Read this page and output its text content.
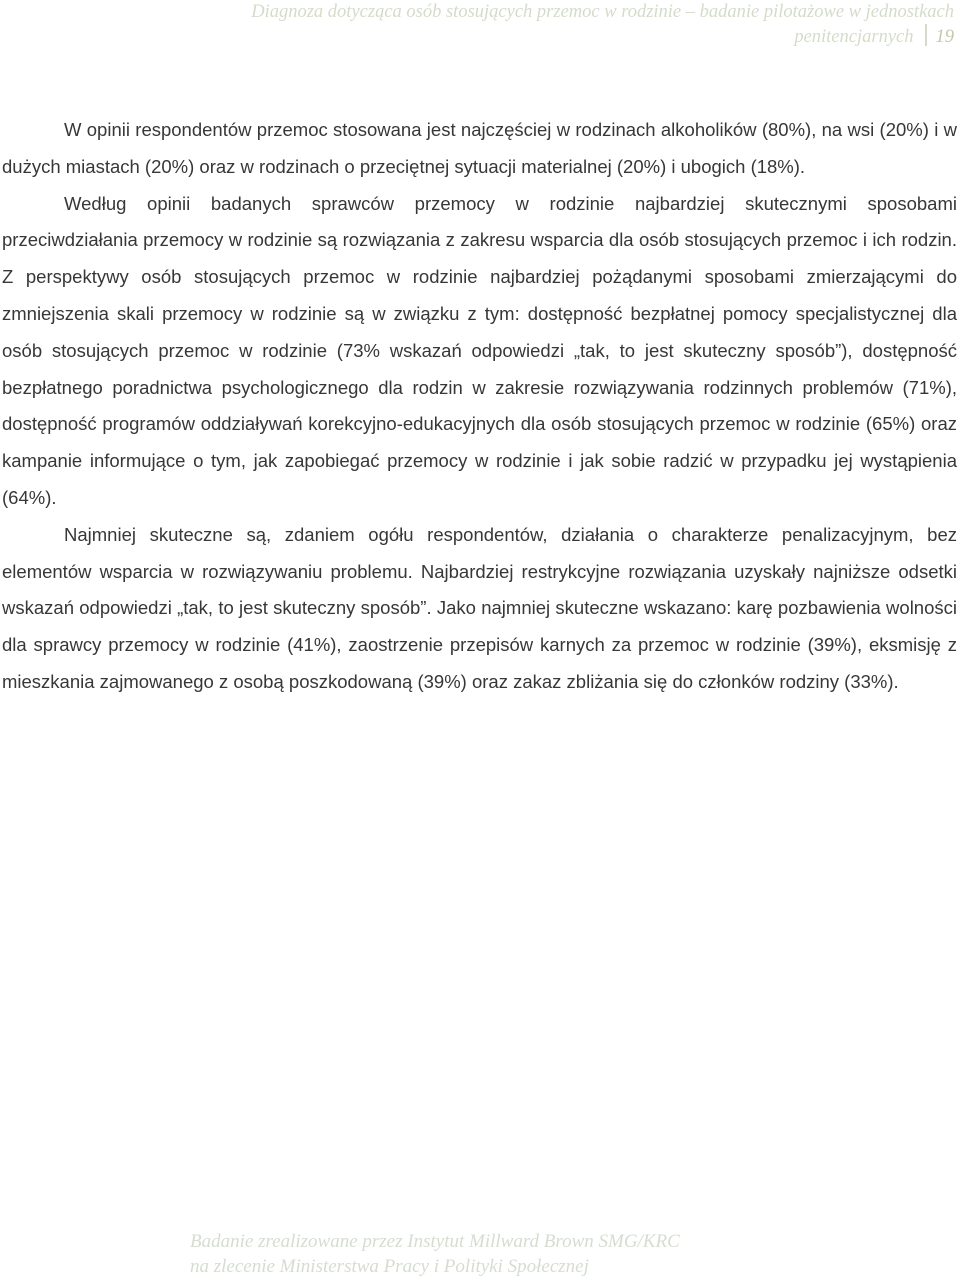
Diagnoza dotycząca osób stosujących przemoc w rodzinie – badanie pilotażowe w jednostkach
penitencjarnych 19

W opinii respondentów przemoc stosowana jest najczęściej w rodzinach alkoholików (80%), na wsi (20%) i w dużych miastach (20%) oraz w rodzinach o przeciętnej sytuacji materialnej (20%) i ubogich (18%).

Według opinii badanych sprawców przemocy w rodzinie najbardziej skutecznymi sposobami przeciwdziałania przemocy w rodzinie są rozwiązania z zakresu wsparcia dla osób stosujących przemoc i ich rodzin. Z perspektywy osób stosujących przemoc w rodzinie najbardziej pożądanymi sposobami zmierzającymi do zmniejszenia skali przemocy w rodzinie są w związku z tym: dostępność bezpłatnej pomocy specjalistycznej dla osób stosujących przemoc w rodzinie (73% wskazań odpowiedzi „tak, to jest skuteczny sposób”), dostępność bezpłatnego poradnictwa psychologicznego dla rodzin w zakresie rozwiązywania rodzinnych problemów (71%), dostępność programów oddziaływań korekcyjno-edukacyjnych dla osób stosujących przemoc w rodzinie (65%) oraz kampanie informujące o tym, jak zapobiegać przemocy w rodzinie i jak sobie radzić w przypadku jej wystąpienia (64%).

Najmniej skuteczne są, zdaniem ogółu respondentów, działania o charakterze penalizacyjnym, bez elementów wsparcia w rozwiązywaniu problemu. Najbardziej restrykcyjne rozwiązania uzyskały najniższe odsetki wskazań odpowiedzi „tak, to jest skuteczny sposób”. Jako najmniej skuteczne wskazano: karę pozbawienia wolności dla sprawcy przemocy w rodzinie (41%), zaostrzenie przepisów karnych za przemoc w rodzinie (39%), eksmisję z mieszkania zajmowanego z osobą poszkodowaną (39%) oraz zakaz zbliżania się do członków rodziny (33%).

Badanie zrealizowane przez Instytut Millward Brown SMG/KRC
na zlecenie Ministerstwa Pracy i Polityki Społecznej
